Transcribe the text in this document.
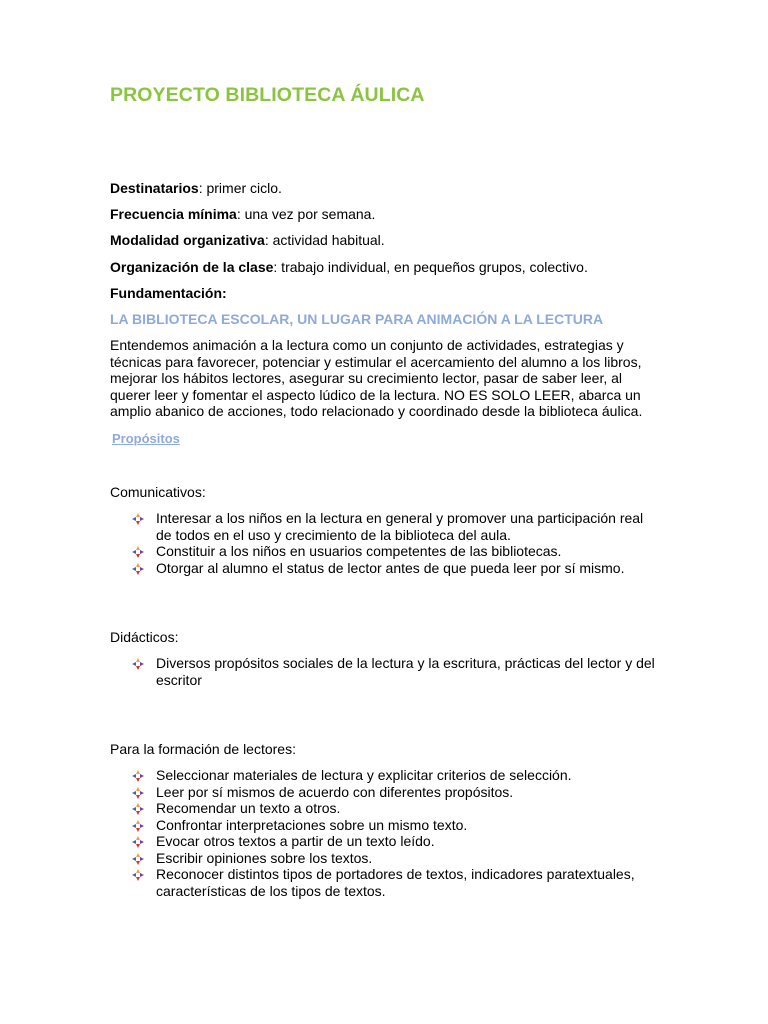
PROYECTO BIBLIOTECA ÁULICA
Destinatarios: primer ciclo.
Frecuencia mínima: una vez por semana.
Modalidad organizativa: actividad habitual.
Organización de la clase: trabajo individual, en pequeños grupos, colectivo.
Fundamentación:
LA BIBLIOTECA ESCOLAR, UN LUGAR PARA ANIMACIÓN A LA LECTURA

Entendemos animación a la lectura como un conjunto de actividades, estrategias y técnicas para favorecer, potenciar y estimular el acercamiento del alumno a los libros, mejorar los hábitos lectores, asegurar su crecimiento lector, pasar de saber leer, al querer leer y fomentar el aspecto lúdico de la lectura. NO ES SOLO LEER, abarca un amplio abanico de acciones, todo relacionado y coordinado desde la biblioteca áulica.

Propósitos
Comunicativos:
Interesar a los niños en la lectura en general y promover una participación real de todos en el uso y crecimiento de la biblioteca del aula.
Constituir a los niños en usuarios competentes de las bibliotecas.
Otorgar al alumno el status de lector antes de que pueda leer por sí mismo.
Didácticos:
Diversos propósitos sociales de la lectura y la escritura, prácticas del lector y del escritor
Para la formación de lectores:
Seleccionar materiales de lectura y explicitar criterios de selección.
Leer por sí mismos de acuerdo con diferentes propósitos.
Recomendar un texto a otros.
Confrontar interpretaciones sobre un mismo texto.
Evocar otros textos a partir de un texto leído.
Escribir opiniones sobre los textos.
Reconocer distintos tipos de portadores de textos, indicadores paratextuales, características de los tipos de textos.
